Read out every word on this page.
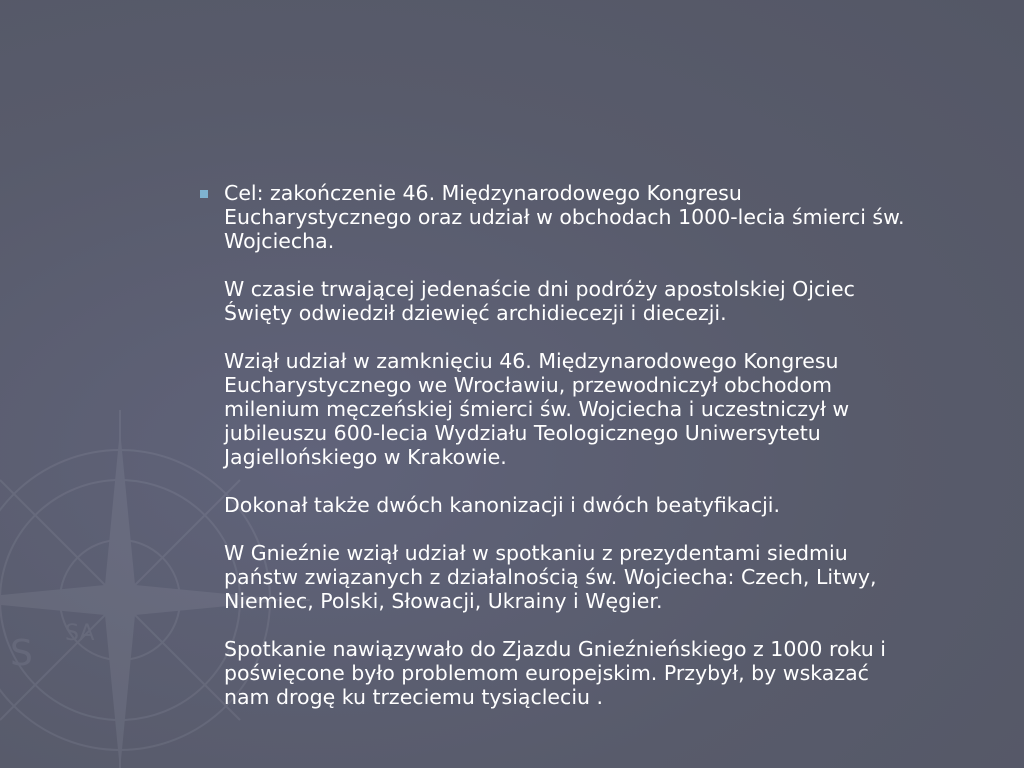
S SA

Cel: zakończenie 46. Międzynarodowego Kongresu
Eucharystycznego oraz udział w obchodach 1000-lecia śmierci św.
Wojciecha.

W czasie trwającej jedenaście dni podróży apostolskiej Ojciec
Święty odwiedził dziewięć archidiecezji i diecezji.

Wziął udział w zamknięciu 46. Międzynarodowego Kongresu
Eucharystycznego we Wrocławiu, przewodniczył obchodom
milenium męczeńskiej śmierci św. Wojciecha i uczestniczył w
jubileuszu 600-lecia Wydziału Teologicznego Uniwersytetu
Jagiellońskiego w Krakowie.

Dokonał także dwóch kanonizacji i dwóch beatyfikacji.

W Gnieźnie wziął udział w spotkaniu z prezydentami siedmiu
państw związanych z działalnością św. Wojciecha: Czech, Litwy,
Niemiec, Polski, Słowacji, Ukrainy i Węgier.

Spotkanie nawiązywało do Zjazdu Gnieźnieńskiego z 1000 roku i
poświęcone było problemom europejskim. Przybył, by wskazać
nam drogę ku trzeciemu tysiącleciu .
